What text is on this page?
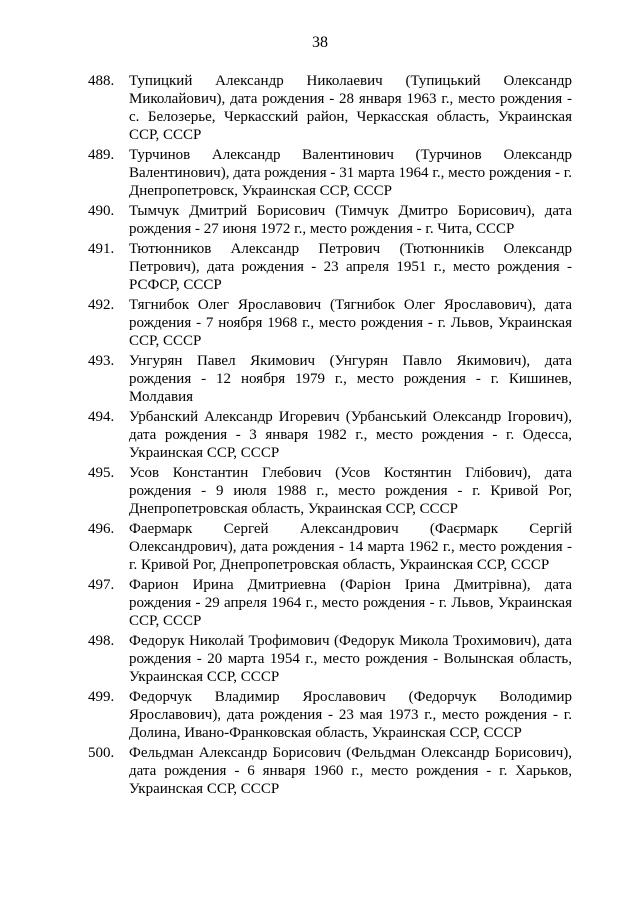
38
488. Тупицкий Александр Николаевич (Тупицький Олександр Миколайович), дата рождения - 28 января 1963 г., место рождения - с. Белозерье, Черкасский район, Черкасская область, Украинская ССР, СССР
489. Турчинов Александр Валентинович (Турчинов Олександр Валентинович), дата рождения - 31 марта 1964 г., место рождения - г. Днепропетровск, Украинская ССР, СССР
490. Тымчук Дмитрий Борисович (Тимчук Дмитро Борисович), дата рождения - 27 июня 1972 г., место рождения - г. Чита, СССР
491. Тютюнников Александр Петрович (Тютюнників Олександр Петрович), дата рождения - 23 апреля 1951 г., место рождения - РСФСР, СССР
492. Тягнибок Олег Ярославович (Тягнибок Олег Ярославович), дата рождения - 7 ноября 1968 г., место рождения - г. Львов, Украинская ССР, СССР
493. Унгурян Павел Якимович (Унгурян Павло Якимович), дата рождения - 12 ноября 1979 г., место рождения - г. Кишинев, Молдавия
494. Урбанский Александр Игоревич (Урбанський Олександр Ігорович), дата рождения - 3 января 1982 г., место рождения - г. Одесса, Украинская ССР, СССР
495. Усов Константин Глебович (Усов Костянтин Глібович), дата рождения - 9 июля 1988 г., место рождения - г. Кривой Рог, Днепропетровская область, Украинская ССР, СССР
496. Фаермарк Сергей Александрович (Фаєрмарк Сергій Олександрович), дата рождения - 14 марта 1962 г., место рождения - г. Кривой Рог, Днепропетровская область, Украинская ССР, СССР
497. Фарион Ирина Дмитриевна (Фаріон Ірина Дмитрівна), дата рождения - 29 апреля 1964 г., место рождения - г. Львов, Украинская ССР, СССР
498. Федорук Николай Трофимович (Федорук Микола Трохимович), дата рождения - 20 марта 1954 г., место рождения - Волынская область, Украинская ССР, СССР
499. Федорчук Владимир Ярославович (Федорчук Володимир Ярославович), дата рождения - 23 мая 1973 г., место рождения - г. Долина, Ивано-Франковская область, Украинская ССР, СССР
500. Фельдман Александр Борисович (Фельдман Олександр Борисович), дата рождения - 6 января 1960 г., место рождения - г. Харьков, Украинская ССР, СССР
